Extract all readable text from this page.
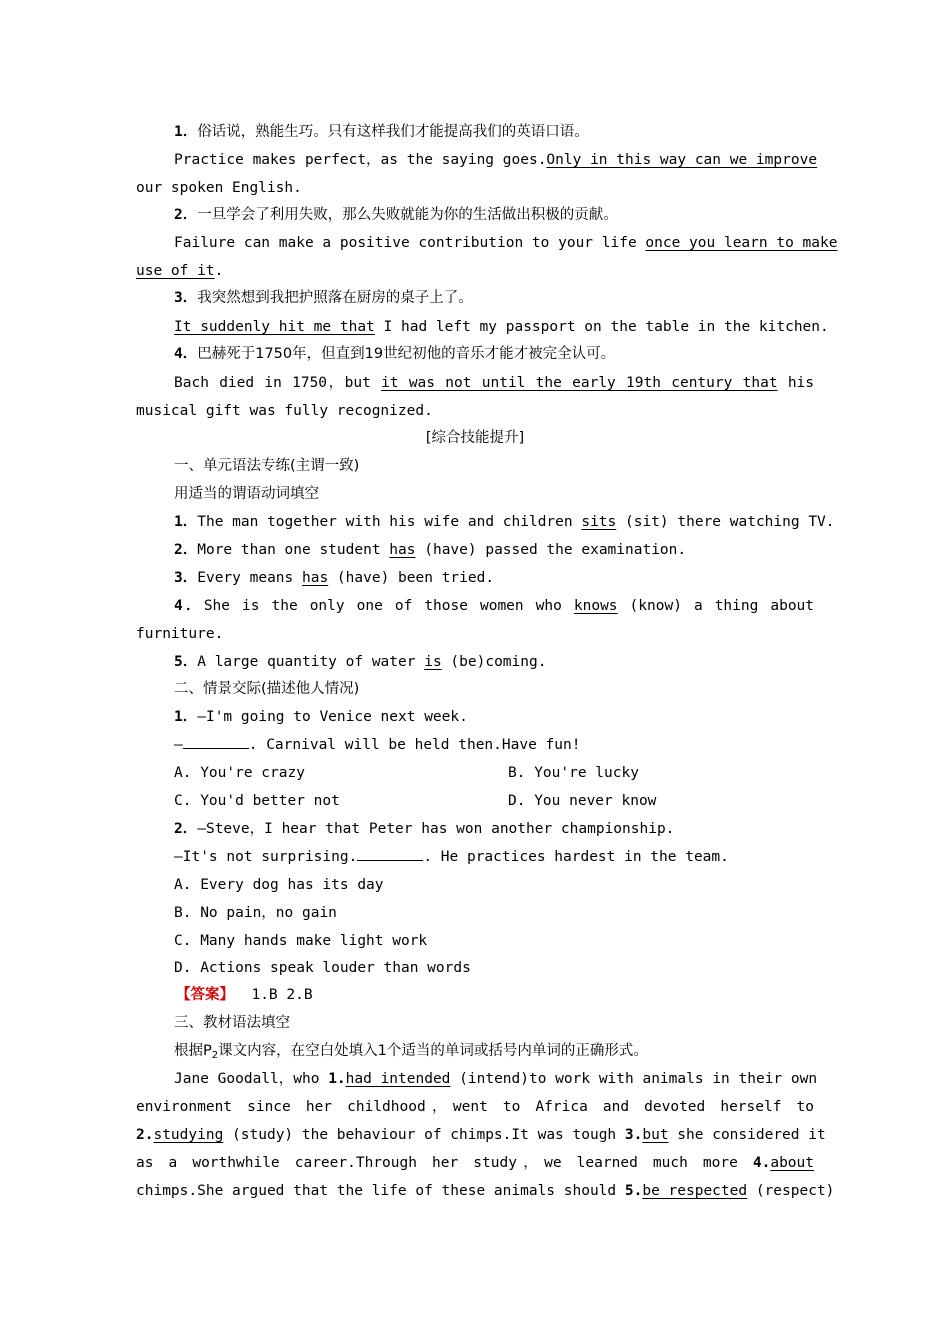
1．俗话说，熟能生巧。只有这样我们才能提高我们的英语口语。
Practice makes perfect，as the saying goes.Only in this way can we improve
our spoken English.
2．一旦学会了利用失败，那么失败就能为你的生活做出积极的贡献。
Failure can make a positive contribution to your life once you learn to make
use of it.
3．我突然想到我把护照落在厨房的桌子上了。
It suddenly hit me that I had left my passport on the table in the kitchen.
4．巴赫死于1750年，但直到19世纪初他的音乐才能才被完全认可。
Bach died in 1750，but it was not until the early 19th century that his
musical gift was fully recognized.
[综合技能提升]
一、单元语法专练(主谓一致)
用适当的谓语动词填空
1．The man together with his wife and children sits (sit) there watching TV.
2．More than one student has (have) passed the examination.
3．Every means has (have) been tried.
4．She is the only one of those women who knows (know) a thing about
furniture.
5．A large quantity of water is (be)coming.
二、情景交际(描述他人情况)
1．—I'm going to Venice next week.
—	. Carnival will be held then.Have fun!
A. You're crazy	B. You're lucky
C. You'd better not	D. You never know
2．—Steve，I hear that Peter has won another championship.
—It's not surprising.	. He practices hardest in the team.
A. Every dog has its day
B. No pain，no gain
C. Many hands make light work
D. Actions speak louder than words
【答案】 1.B 2.B
三、教材语法填空
根据$P_2$课文内容，在空白处填入1个适当的单词或括号内单词的正确形式。
Jane Goodall，who 1.had intended (intend)to work with animals in their own
environment since her childhood，went to Africa and devoted herself to
2.studying (study) the behaviour of chimps.It was tough 3.but she considered it
as a worthwhile career.Through her study，we learned much more 4.about
chimps.She argued that the life of these animals should 5.be respected (respect)
